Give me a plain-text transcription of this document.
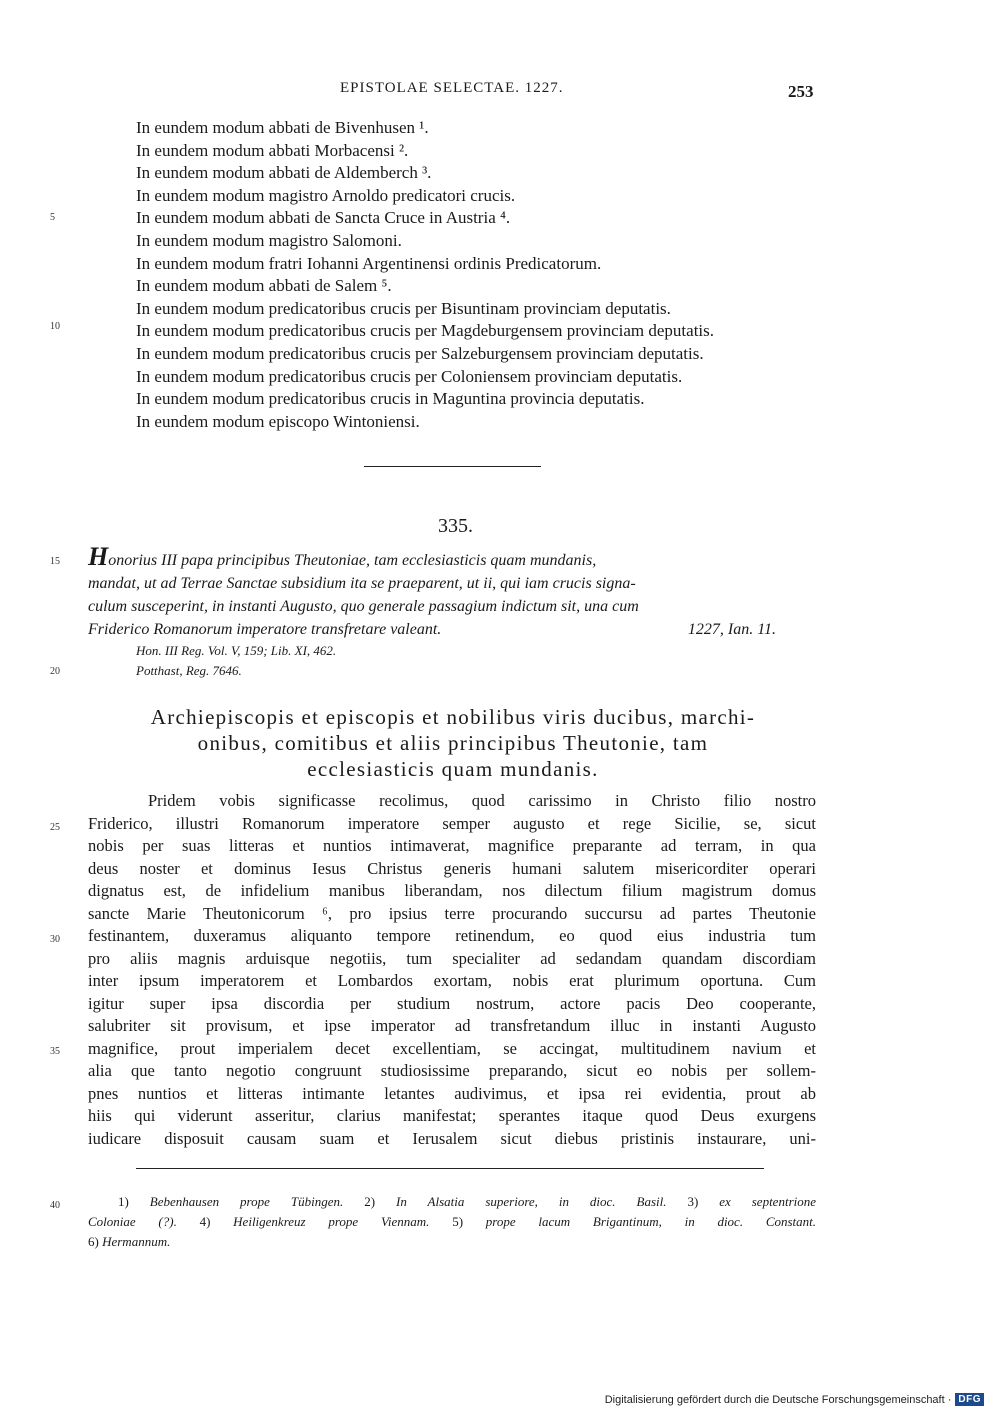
EPISTOLAE SELECTAE. 1227.	253
In eundem modum abbati de Bivenhusen ¹.
In eundem modum abbati Morbacensi ².
In eundem modum abbati de Aldemberch ³.
In eundem modum magistro Arnoldo predicatori crucis.
In eundem modum abbati de Sancta Cruce in Austria ⁴.
In eundem modum magistro Salomoni.
In eundem modum fratri Iohanni Argentinensi ordinis Predicatorum.
In eundem modum abbati de Salem ⁵.
In eundem modum predicatoribus crucis per Bisuntinam provinciam deputatis.
In eundem modum predicatoribus crucis per Magdeburgensem provinciam deputatis.
In eundem modum predicatoribus crucis per Salzeburgensem provinciam deputatis.
In eundem modum predicatoribus crucis per Coloniensem provinciam deputatis.
In eundem modum predicatoribus crucis in Maguntina provincia deputatis.
In eundem modum episcopo Wintoniensi.
5
10
15
20
25
30
35
40
335.
Honorius III papa principibus Theutoniae, tam ecclesiasticis quam mundanis,
mandat, ut ad Terrae Sanctae subsidium ita se praeparent, ut ii, qui iam crucis signa-
culum susceperint, in instanti Augusto, quo generale passagium indictum sit, una cum
Friderico Romanorum imperatore transfretare valeant.	1227, Ian. 11.
Hon. III Reg. Vol. V, 159; Lib. XI, 462.
Potthast, Reg. 7646.
Archiepiscopis et episcopis et nobilibus viris ducibus, marchi-
onibus, comitibus et aliis principibus Theutonie, tam
ecclesiasticis quam mundanis.
Pridem vobis significasse recolimus, quod carissimo in Christo filio nostro
Friderico, illustri Romanorum imperatore semper augusto et rege Sicilie, se, sicut
nobis per suas litteras et nuntios intimaverat, magnifice preparante ad terram, in qua
deus noster et dominus Iesus Christus generis humani salutem misericorditer operari
dignatus est, de infidelium manibus liberandam, nos dilectum filium magistrum domus
sancte Marie Theutonicorum ⁶, pro ipsius terre procurando succursu ad partes Theutonie
festinantem, duxeramus aliquanto tempore retinendum, eo quod eius industria tum
pro aliis magnis arduisque negotiis, tum specialiter ad sedandam quandam discordiam
inter ipsum imperatorem et Lombardos exortam, nobis erat plurimum oportuna. Cum
igitur super ipsa discordia per studium nostrum, actore pacis Deo cooperante,
salubriter sit provisum, et ipse imperator ad transfretandum illuc in instanti Augusto
magnifice, prout imperialem decet excellentiam, se accingat, multitudinem navium et
alia que tanto negotio congruunt studiosissime preparando, sicut eo nobis per sollem-
pnes nuntios et litteras intimante letantes audivimus, et ipsa rei evidentia, prout ab
hiis qui viderunt asseritur, clarius manifestat; sperantes itaque quod Deus exurgens
iudicare disposuit causam suam et Ierusalem sicut diebus pristinis instaurare, uni-
1) Bebenhausen prope Tübingen. 2) In Alsatia superiore, in dioc. Basil. 3) ex septentrione
Coloniae (?). 4) Heiligenkreuz prope Viennam. 5) prope lacum Brigantinum, in dioc. Constant.
6) Hermannum.
Digitalisierung gefördert durch die Deutsche Forschungsgemeinschaft · DFG
